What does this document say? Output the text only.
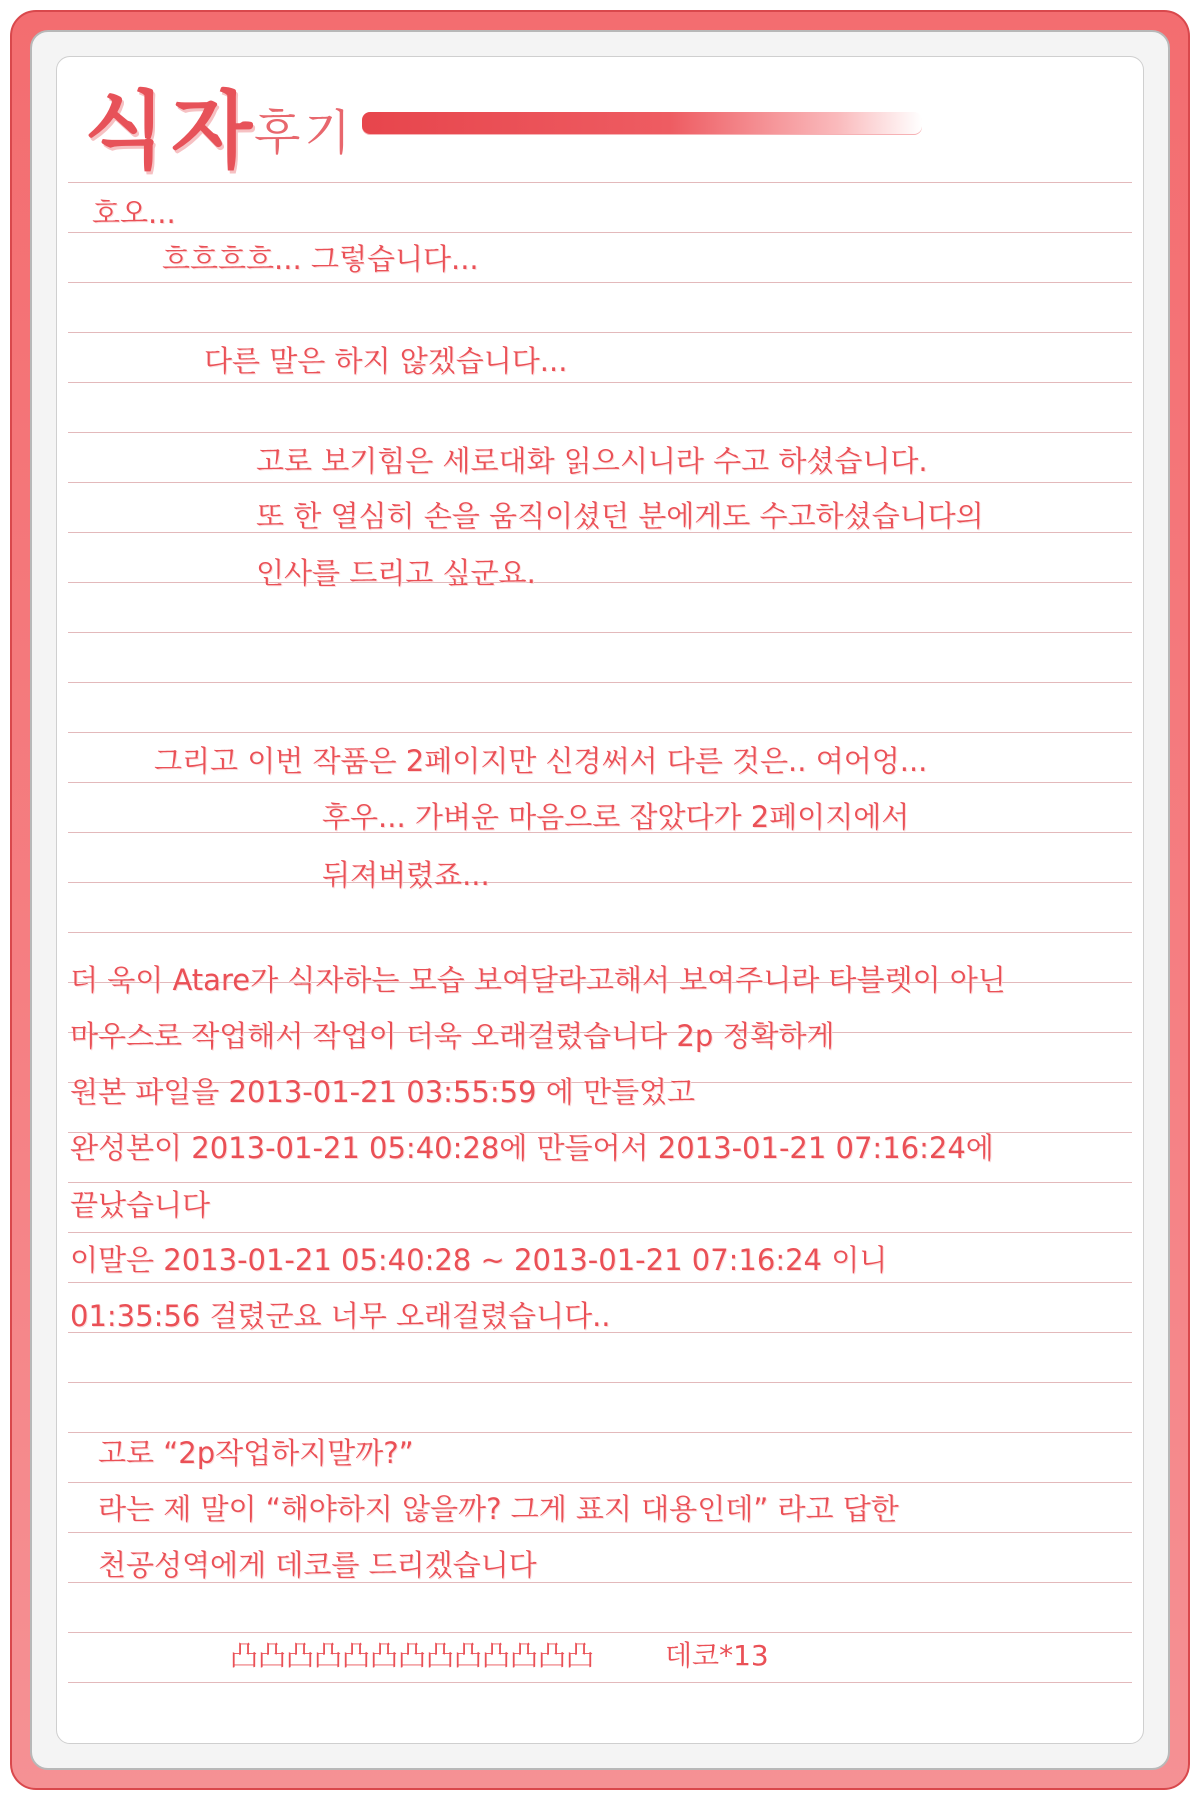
식자
후기
호오...
흐흐흐흐... 그렇습니다...
다른 말은 하지 않겠습니다...
고로 보기힘은 세로대화 읽으시니라 수고 하셨습니다.
또 한 열심히 손을 움직이셨던 분에게도 수고하셨습니다의
인사를 드리고 싶군요.
그리고 이번 작품은 2페이지만 신경써서 다른 것은.. 여어엉...
후우... 가벼운 마음으로 잡았다가 2페이지에서
뒤져버렸죠...
더 욱이 Atare가 식자하는 모습 보여달라고해서 보여주니라 타블렛이 아닌
마우스로 작업해서 작업이 더욱 오래걸렸습니다 2p 정확하게
원본 파일을 2013-01-21 03:55:59 에 만들었고
완성본이 2013-01-21 05:40:28에 만들어서 2013-01-21 07:16:24에
끝났습니다
이말은 2013-01-21 05:40:28 ~ 2013-01-21 07:16:24 이니
01:35:56 걸렸군요 너무 오래걸렸습니다..
고로 “2p작업하지말까?”
라는 제 말이 “해야하지 않을까? 그게 표지 대용인데” 라고 답한
천공성역에게 데코를 드리겠습니다
凸凸凸凸凸凸凸凸凸凸凸凸凸	데코*13
